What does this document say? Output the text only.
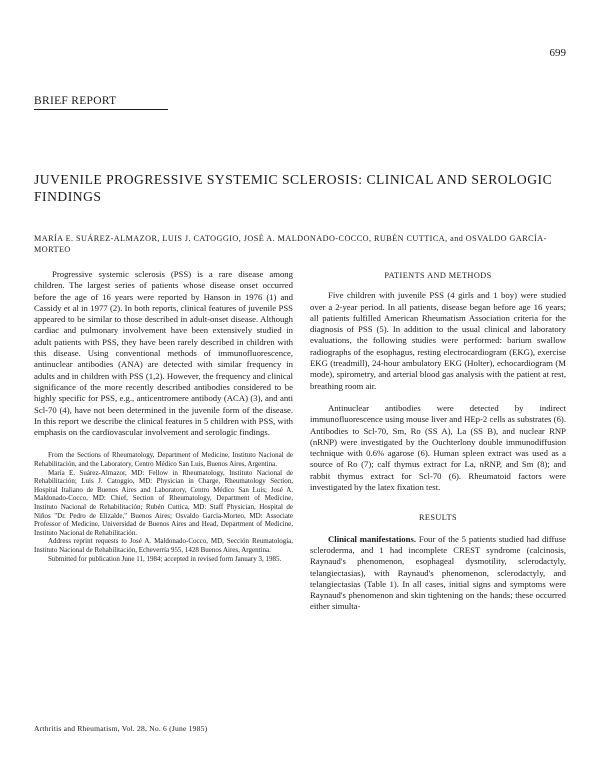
699
BRIEF REPORT
JUVENILE PROGRESSIVE SYSTEMIC SCLEROSIS: CLINICAL AND SEROLOGIC FINDINGS
MARÍA E. SUÁREZ-ALMAZOR, LUIS J. CATOGGIO, JOSÉ A. MALDONADO-COCCO, RUBÉN CUTTICA, and OSVALDO GARCÍA-MORTEO

Progressive systemic sclerosis (PSS) is a rare disease among children. The largest series of patients whose disease onset occurred before the age of 16 years were reported by Hanson in 1976 (1) and Cassidy et al in 1977 (2). In both reports, clinical features of juvenile PSS appeared to be similar to those described in adult-onset disease. Although cardiac and pulmonary involvement have been extensively studied in adult patients with PSS, they have been rarely described in children with this disease. Using conventional methods of immunofluorescence, antinuclear antibodies (ANA) are detected with similar frequency in adults and in children with PSS (1,2). However, the frequency and clinical significance of the more recently described antibodies considered to be highly specific for PSS, e.g., anticentromere antibody (ACA) (3), and anti Scl-70 (4), have not been determined in the juvenile form of the disease. In this report we describe the clinical features in 5 children with PSS, with emphasis on the cardiovascular involvement and serologic findings.

From the Sections of Rheumatology, Department of Medicine, Instituto Nacional de Rehabilitación, and the Laboratory, Centro Médico San Luis, Buenos Aires, Argentina.

María E. Suárez-Almazor, MD: Fellow in Rheumatology, Instituto Nacional de Rehabilitación; Luis J. Catoggio, MD: Physician in Charge, Rheumatology Section, Hospital Italiano de Buenos Aires and Laboratory, Centro Médico San Luis; José A. Maldonado-Cocco, MD: Chief, Section of Rheumatology, Department of Medicine, Instituto Nacional de Rehabilitación; Rubén Cuttica, MD: Staff Physician, Hospital de Niños "Dr. Pedro de Elizalde," Buenos Aires; Osvaldo García-Morteo, MD: Associate Professor of Medicine, Universidad de Buenos Aires and Head, Department of Medicine, Instituto Nacional de Rehabilitación.

Address reprint requests to José A. Maldonado-Cocco, MD, Sección Reumatología, Instituto Nacional de Rehabilitación, Echeverría 955, 1428 Buenos Aires, Argentina.

Submitted for publication June 11, 1984; accepted in revised form January 3, 1985.

PATIENTS AND METHODS

Five children with juvenile PSS (4 girls and 1 boy) were studied over a 2-year period. In all patients, disease began before age 16 years; all patients fulfilled American Rheumatism Association criteria for the diagnosis of PSS (5). In addition to the usual clinical and laboratory evaluations, the following studies were performed: barium swallow radiographs of the esophagus, resting electrocardiogram (EKG), exercise EKG (treadmill), 24-hour ambulatory EKG (Holter), echocardiogram (M mode), spirometry, and arterial blood gas analysis with the patient at rest, breathing room air.

Antinuclear antibodies were detected by indirect immunofluorescence using mouse liver and HEp-2 cells as substrates (6). Antibodies to Scl-70, Sm, Ro (SS A), La (SS B), and nuclear RNP (nRNP) were investigated by the Ouchterlony double immunodiffusion technique with 0.6% agarose (6). Human spleen extract was used as a source of Ro (7); calf thymus extract for La, nRNP, and Sm (8); and rabbit thymus extract for Scl-70 (6). Rheumatoid factors were investigated by the latex fixation test.

RESULTS

Clinical manifestations. Four of the 5 patients studied had diffuse scleroderma, and 1 had incomplete CREST syndrome (calcinosis, Raynaud's phenomenon, esophageal dysmotility, sclerodactyly, telangiectasias), with Raynaud's phenomenon, sclerodactyly, and telangiectasias (Table 1). In all cases, initial signs and symptoms were Raynaud's phenomenon and skin tightening on the hands; these occurred either simulta-

Arthritis and Rheumatism, Vol. 28, No. 6 (June 1985)
